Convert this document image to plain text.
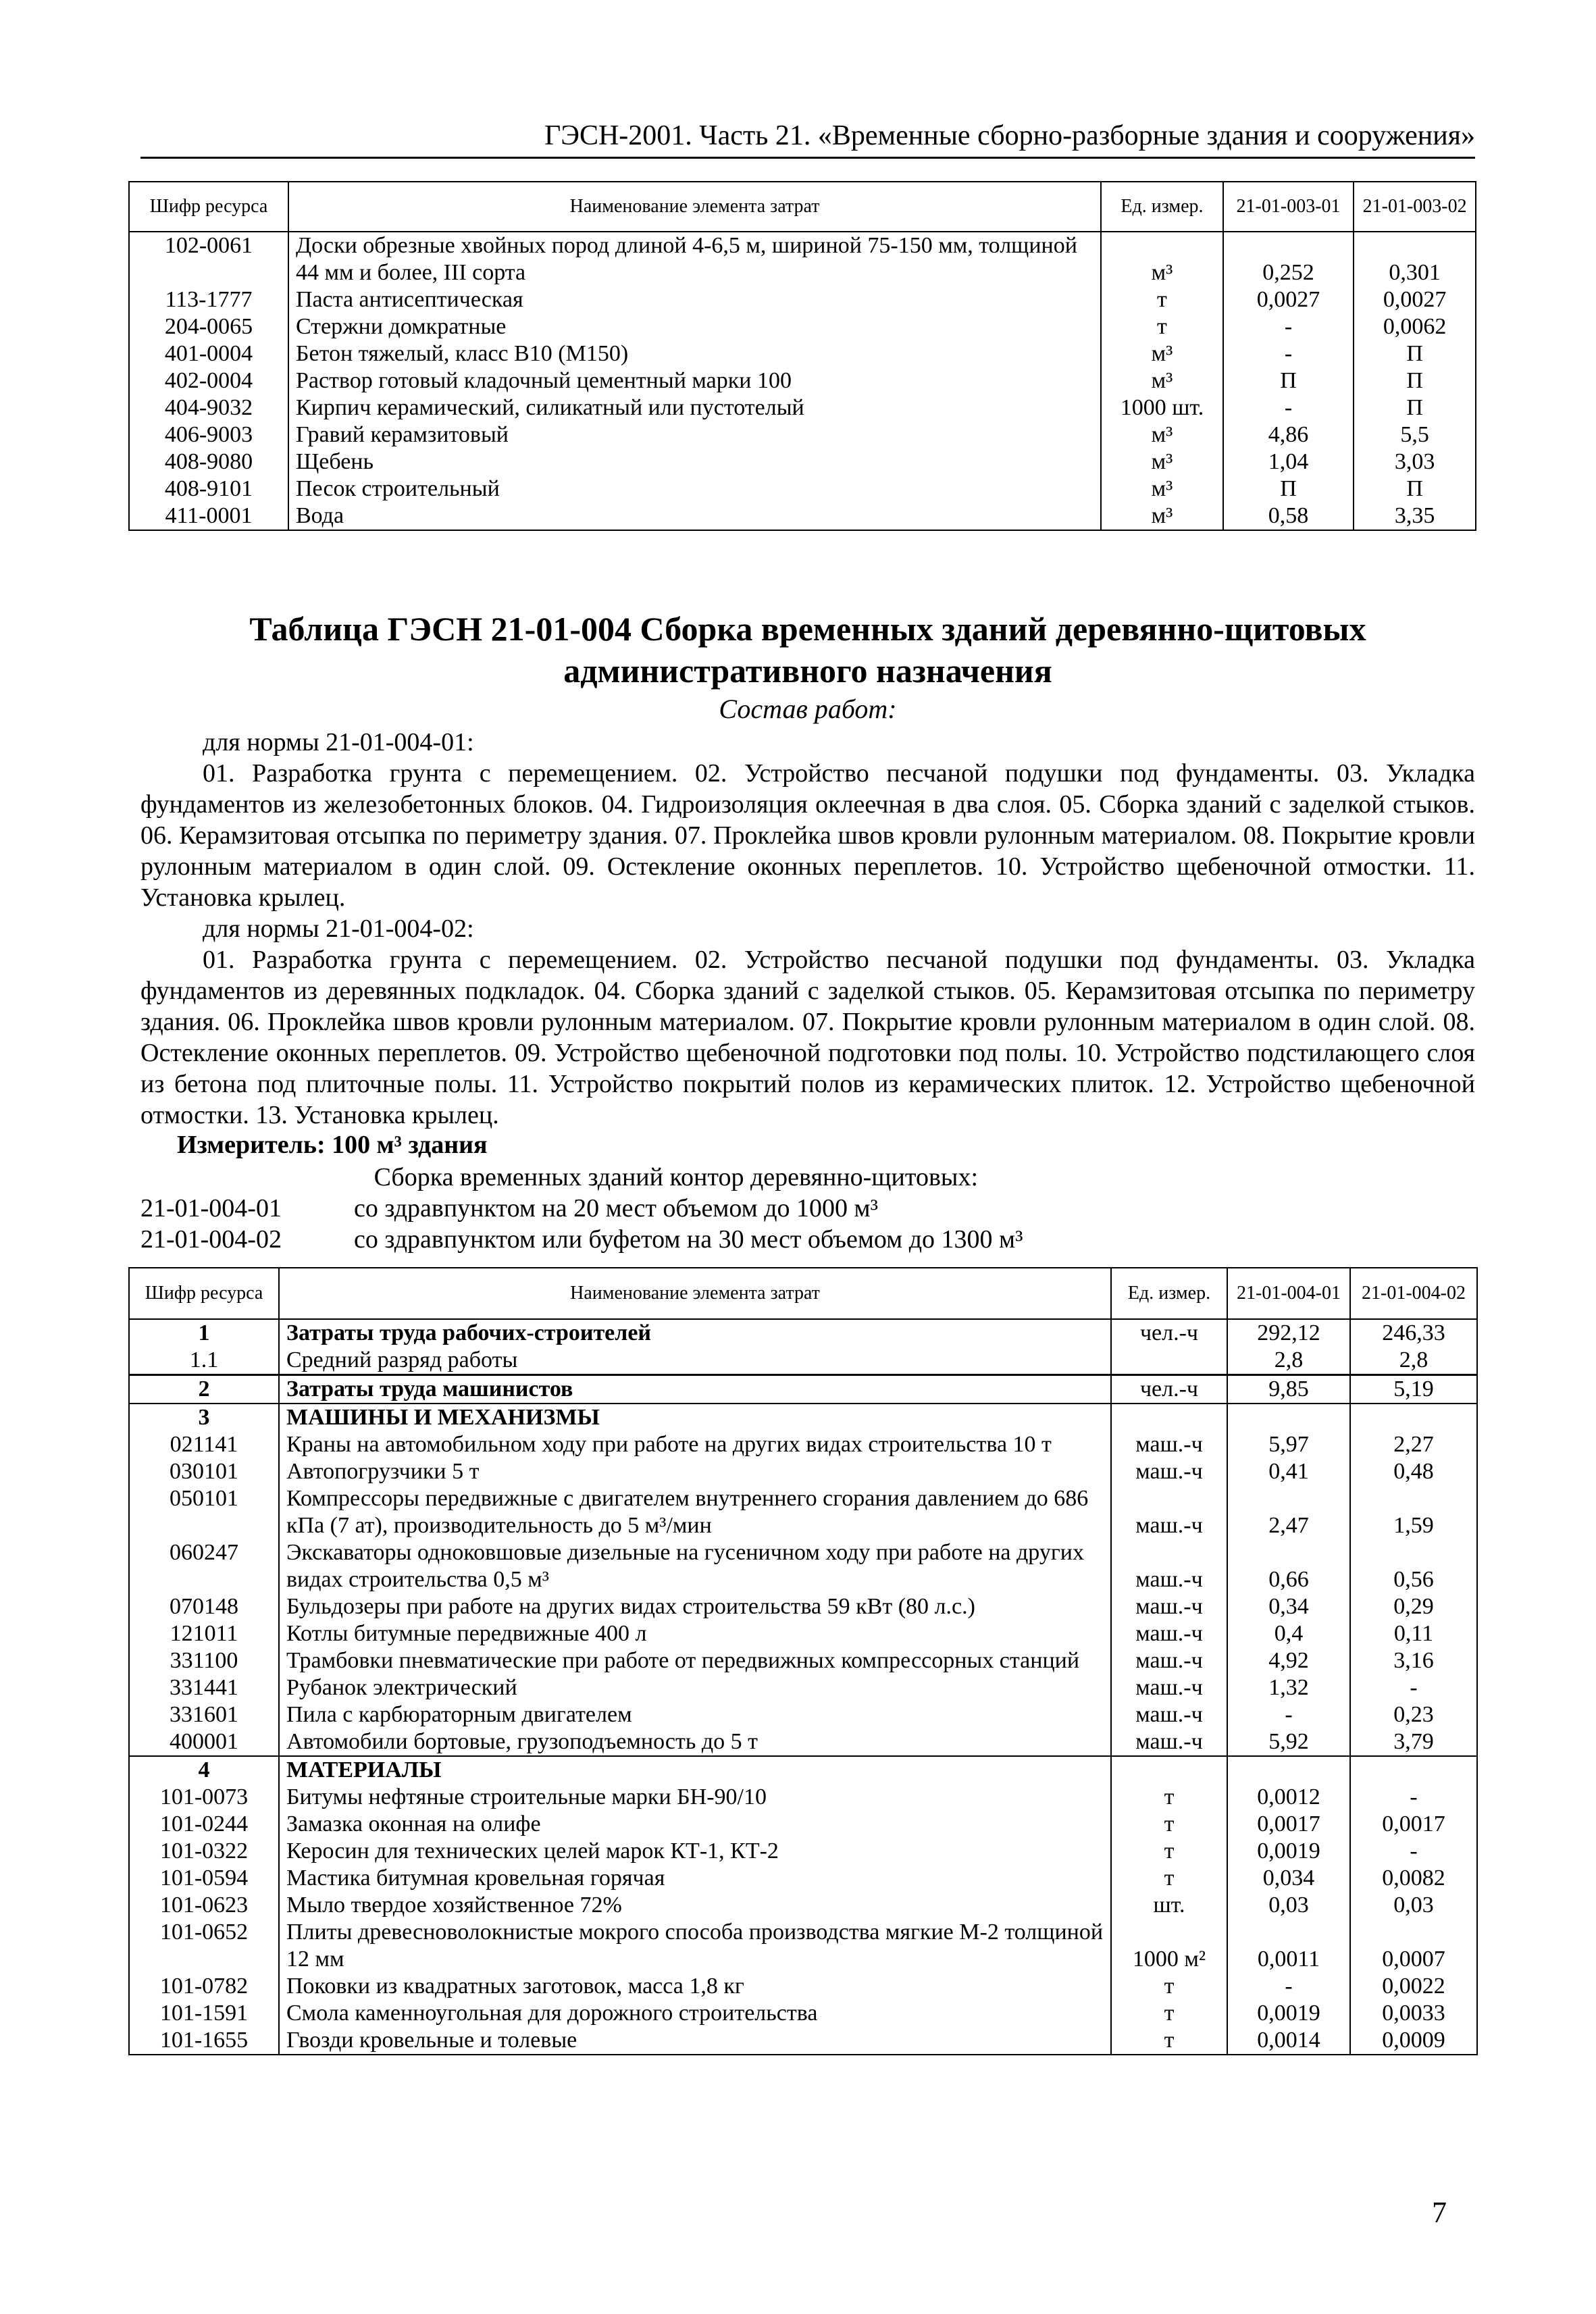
ГЭСН-2001. Часть 21. «Временные сборно-разборные здания и сооружения»
Шифр ресурса	Наименование элемента затрат	Ед. измер.	21-01-003-01	21-01-003-02
102-0061	Доски обрезные хвойных пород длиной 4-6,5 м, шириной 75-150 мм, толщиной 44 мм и более, III сорта	м³	0,252	0,301
113-1777	Паста антисептическая	т	0,0027	0,0027
204-0065	Стержни домкратные	т	-	0,0062
401-0004	Бетон тяжелый, класс В10 (М150)	м³	-	П
402-0004	Раствор готовый кладочный цементный марки 100	м³	П	П
404-9032	Кирпич керамический, силикатный или пустотелый	1000 шт.	-	П
406-9003	Гравий керамзитовый	м³	4,86	5,5
408-9080	Щебень	м³	1,04	3,03
408-9101	Песок строительный	м³	П	П
411-0001	Вода	м³	0,58	3,35
Таблица ГЭСН 21-01-004 Сборка временных зданий деревянно-щитовых
административного назначения
Состав работ:
для нормы 21-01-004-01:

01. Разработка грунта с перемещением. 02. Устройство песчаной подушки под фундаменты. 03. Укладка фундаментов из железобетонных блоков. 04. Гидроизоляция оклеечная в два слоя. 05. Сборка зданий с заделкой стыков. 06. Керамзитовая отсыпка по периметру здания. 07. Проклейка швов кровли рулонным материалом. 08. Покрытие кровли рулонным материалом в один слой. 09. Остекление оконных переплетов. 10. Устройство щебеночной отмостки. 11. Установка крылец.

для нормы 21-01-004-02:

01. Разработка грунта с перемещением. 02. Устройство песчаной подушки под фундаменты. 03. Укладка фундаментов из деревянных подкладок. 04. Сборка зданий с заделкой стыков. 05. Керамзитовая отсыпка по периметру здания. 06. Проклейка швов кровли рулонным материалом. 07. Покрытие кровли рулонным материалом в один слой. 08. Остекление оконных переплетов. 09. Устройство щебеночной подготовки под полы. 10. Устройство подстилающего слоя из бетона под плиточные полы. 11. Устройство покрытий полов из керамических плиток. 12. Устройство щебеночной отмостки. 13. Установка крылец.

Измеритель: 100 м³ здания
Сборка временных зданий контор деревянно-щитовых:
21-01-004-01	со здравпунктом на 20 мест объемом до 1000 м³
21-01-004-02	со здравпунктом или буфетом на 30 мест объемом до 1300 м³
Шифр ресурса	Наименование элемента затрат	Ед. измер.	21-01-004-01	21-01-004-02
1	Затраты труда рабочих-строителей	чел.-ч	292,12	246,33
1.1	Средний разряд работы		2,8	2,8
2	Затраты труда машинистов	чел.-ч	9,85	5,19
3	МАШИНЫ И МЕХАНИЗМЫ			
021141	Краны на автомобильном ходу при работе на других видах строительства 10 т	маш.-ч	5,97	2,27
030101	Автопогрузчики 5 т	маш.-ч	0,41	0,48
050101	Компрессоры передвижные с двигателем внутреннего сгорания давлением до 686 кПа (7 ат), производительность до 5 м³/мин	маш.-ч	2,47	1,59
060247	Экскаваторы одноковшовые дизельные на гусеничном ходу при работе на других видах строительства 0,5 м³	маш.-ч	0,66	0,56
070148	Бульдозеры при работе на других видах строительства 59 кВт (80 л.с.)	маш.-ч	0,34	0,29
121011	Котлы битумные передвижные 400 л	маш.-ч	0,4	0,11
331100	Трамбовки пневматические при работе от передвижных компрессорных станций	маш.-ч	4,92	3,16
331441	Рубанок электрический	маш.-ч	1,32	-
331601	Пила с карбюраторным двигателем	маш.-ч	-	0,23
400001	Автомобили бортовые, грузоподъемность до 5 т	маш.-ч	5,92	3,79
4	МАТЕРИАЛЫ			
101-0073	Битумы нефтяные строительные марки БН-90/10	т	0,0012	-
101-0244	Замазка оконная на олифе	т	0,0017	0,0017
101-0322	Керосин для технических целей марок КТ-1, КТ-2	т	0,0019	-
101-0594	Мастика битумная кровельная горячая	т	0,034	0,0082
101-0623	Мыло твердое хозяйственное 72%	шт.	0,03	0,03
101-0652	Плиты древесноволокнистые мокрого способа производства мягкие М-2 толщиной 12 мм	1000 м²	0,0011	0,0007
101-0782	Поковки из квадратных заготовок, масса 1,8 кг	т	-	0,0022
101-1591	Смола каменноугольная для дорожного строительства	т	0,0019	0,0033
101-1655	Гвозди кровельные и толевые	т	0,0014	0,0009
7
